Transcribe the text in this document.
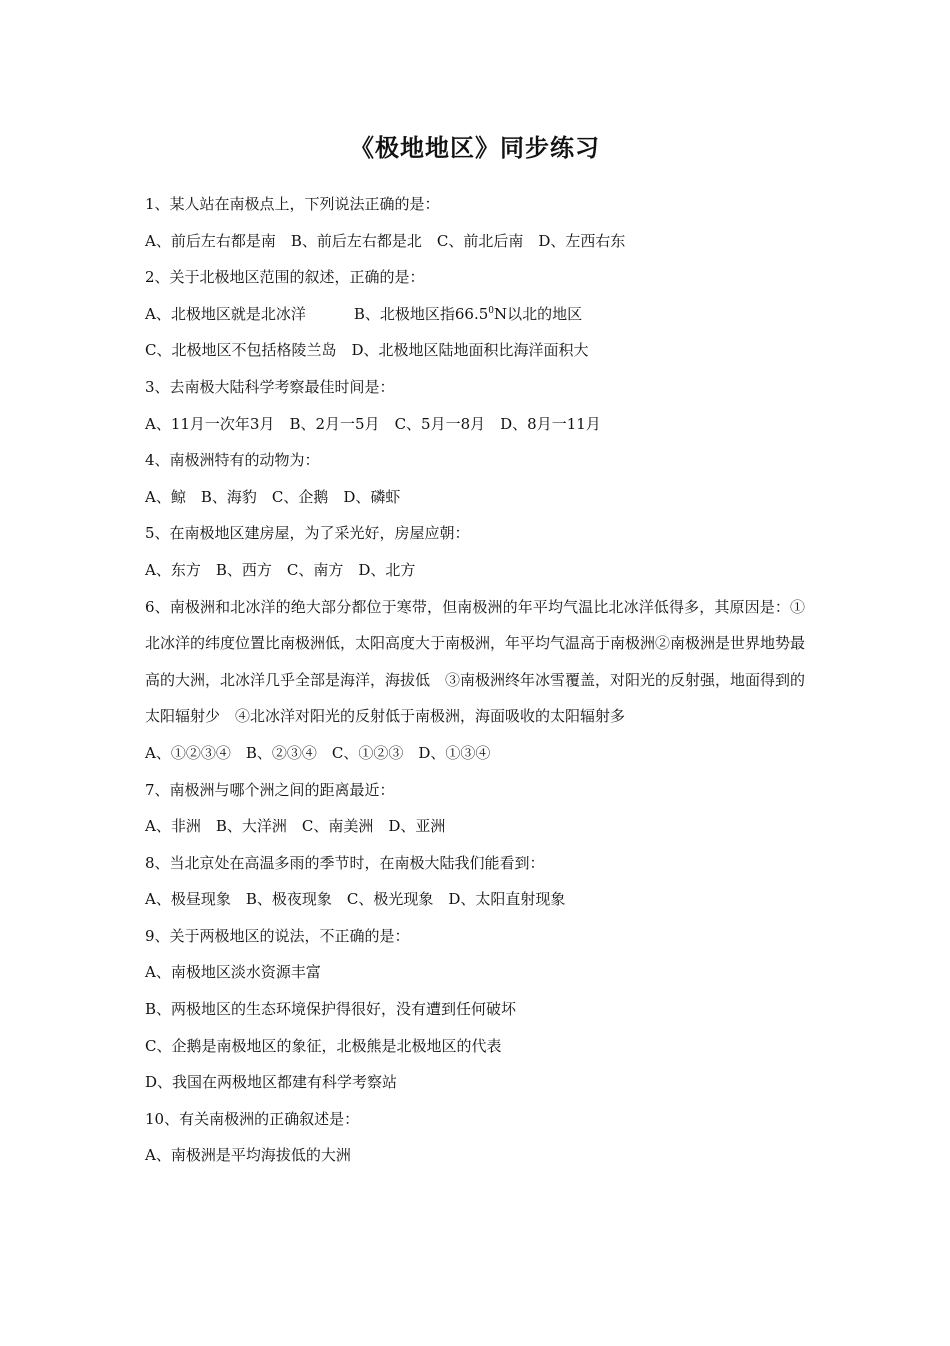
《极地地区》同步练习
1、某人站在南极点上，下列说法正确的是：
A、前后左右都是南　B、前后左右都是北　C、前北后南　D、左西右东
2、关于北极地区范围的叙述，正确的是：
A、北极地区就是北冰洋	B、北极地区指66.5$^0$N以北的地区
C、北极地区不包括格陵兰岛　D、北极地区陆地面积比海洋面积大
3、去南极大陆科学考察最佳时间是：
A、11月一次年3月　B、2月一5月　C、5月一8月　D、8月一11月
4、南极洲特有的动物为：
A、鲸　B、海豹　C、企鹅　D、磷虾
5、在南极地区建房屋，为了采光好，房屋应朝：
A、东方　B、西方　C、南方　D、北方
6、南极洲和北冰洋的绝大部分都位于寒带，但南极洲的年平均气温比北冰洋低得多，其原因是：①北冰洋的纬度位置比南极洲低，太阳高度大于南极洲，年平均气温高于南极洲②南极洲是世界地势最高的大洲，北冰洋几乎全部是海洋，海拔低　③南极洲终年冰雪覆盖，对阳光的反射强，地面得到的太阳辐射少　④北冰洋对阳光的反射低于南极洲，海面吸收的太阳辐射多
A、①②③④　B、②③④　C、①②③　D、①③④
7、南极洲与哪个洲之间的距离最近：
A、非洲　B、大洋洲　C、南美洲　D、亚洲
8、当北京处在高温多雨的季节时，在南极大陆我们能看到：
A、极昼现象　B、极夜现象　C、极光现象　D、太阳直射现象
9、关于两极地区的说法，不正确的是：
A、南极地区淡水资源丰富
B、两极地区的生态环境保护得很好，没有遭到任何破坏
C、企鹅是南极地区的象征，北极熊是北极地区的代表
D、我国在两极地区都建有科学考察站
10、有关南极洲的正确叙述是：
A、南极洲是平均海拔低的大洲
